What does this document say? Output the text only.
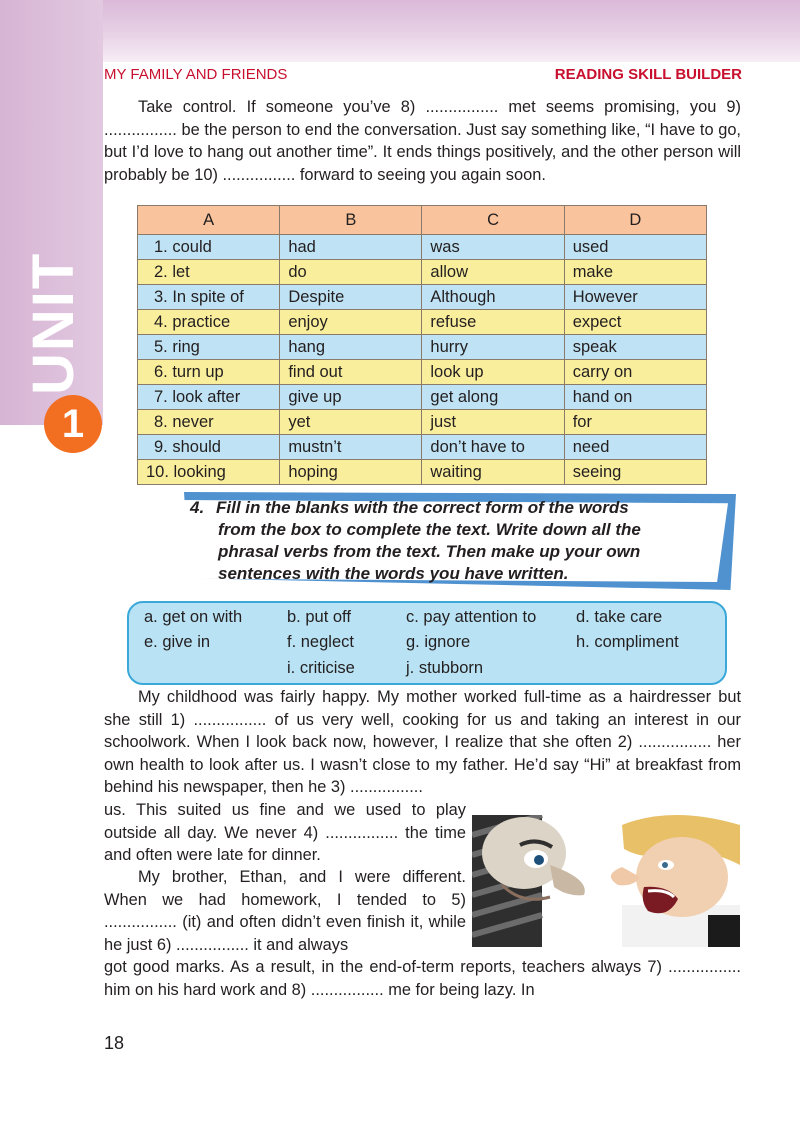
UNIT
1
MY FAMILY AND FRIENDS	READING SKILL BUILDER

Take control. If someone you’ve 8) ................ met seems promising, you 9) ................ be the person to end the conversation. Just say something like, “I have to go, but I’d love to hang out another time”. It ends things positively, and the other person will probably be 10) ................ forward to seeing you again soon.

A	B	C	D
1. could	had	was	used
2. let	do	allow	make
3. In spite of	Despite	Although	However
4. practice	enjoy	refuse	expect
5. ring	hang	hurry	speak
6. turn up	find out	look up	carry on
7. look after	give up	get along	hand on
8. never	yet	just	for
9. should	mustn’t	don’t have to	need
10. looking	hoping	waiting	seeing

4. Fill in the blanks with the correct form of the words
from the box to complete the text. Write down all the
phrasal verbs from the text. Then make up your own
sentences with the words you have written.

a. get on with	b. put off	c. pay attention to d. take care
e. give in	f. neglect	g. ignore	h. compliment
i. criticise	j. stubborn

My childhood was fairly happy. My mother worked full-time as a hairdresser but she still 1) ................ of us very well, cooking for us and taking an interest in our schoolwork. When I look back now, however, I realize that she often 2) ................ her own health to look after us. I wasn’t close to my father. He’d say “Hi” at breakfast from behind his newspaper, then he 3) ................

us. This suited us fine and we used to play outside all day. We never 4) ................ the time and often were late for dinner.

My brother, Ethan, and I were different. When we had homework, I tended to 5) ................ (it) and often didn’t even finish it, while he just 6) ................ it and always

got good marks. As a result, in the end-of-term reports, teachers always 7) ................ him on his hard work and 8) ................ me for being lazy. In

18
